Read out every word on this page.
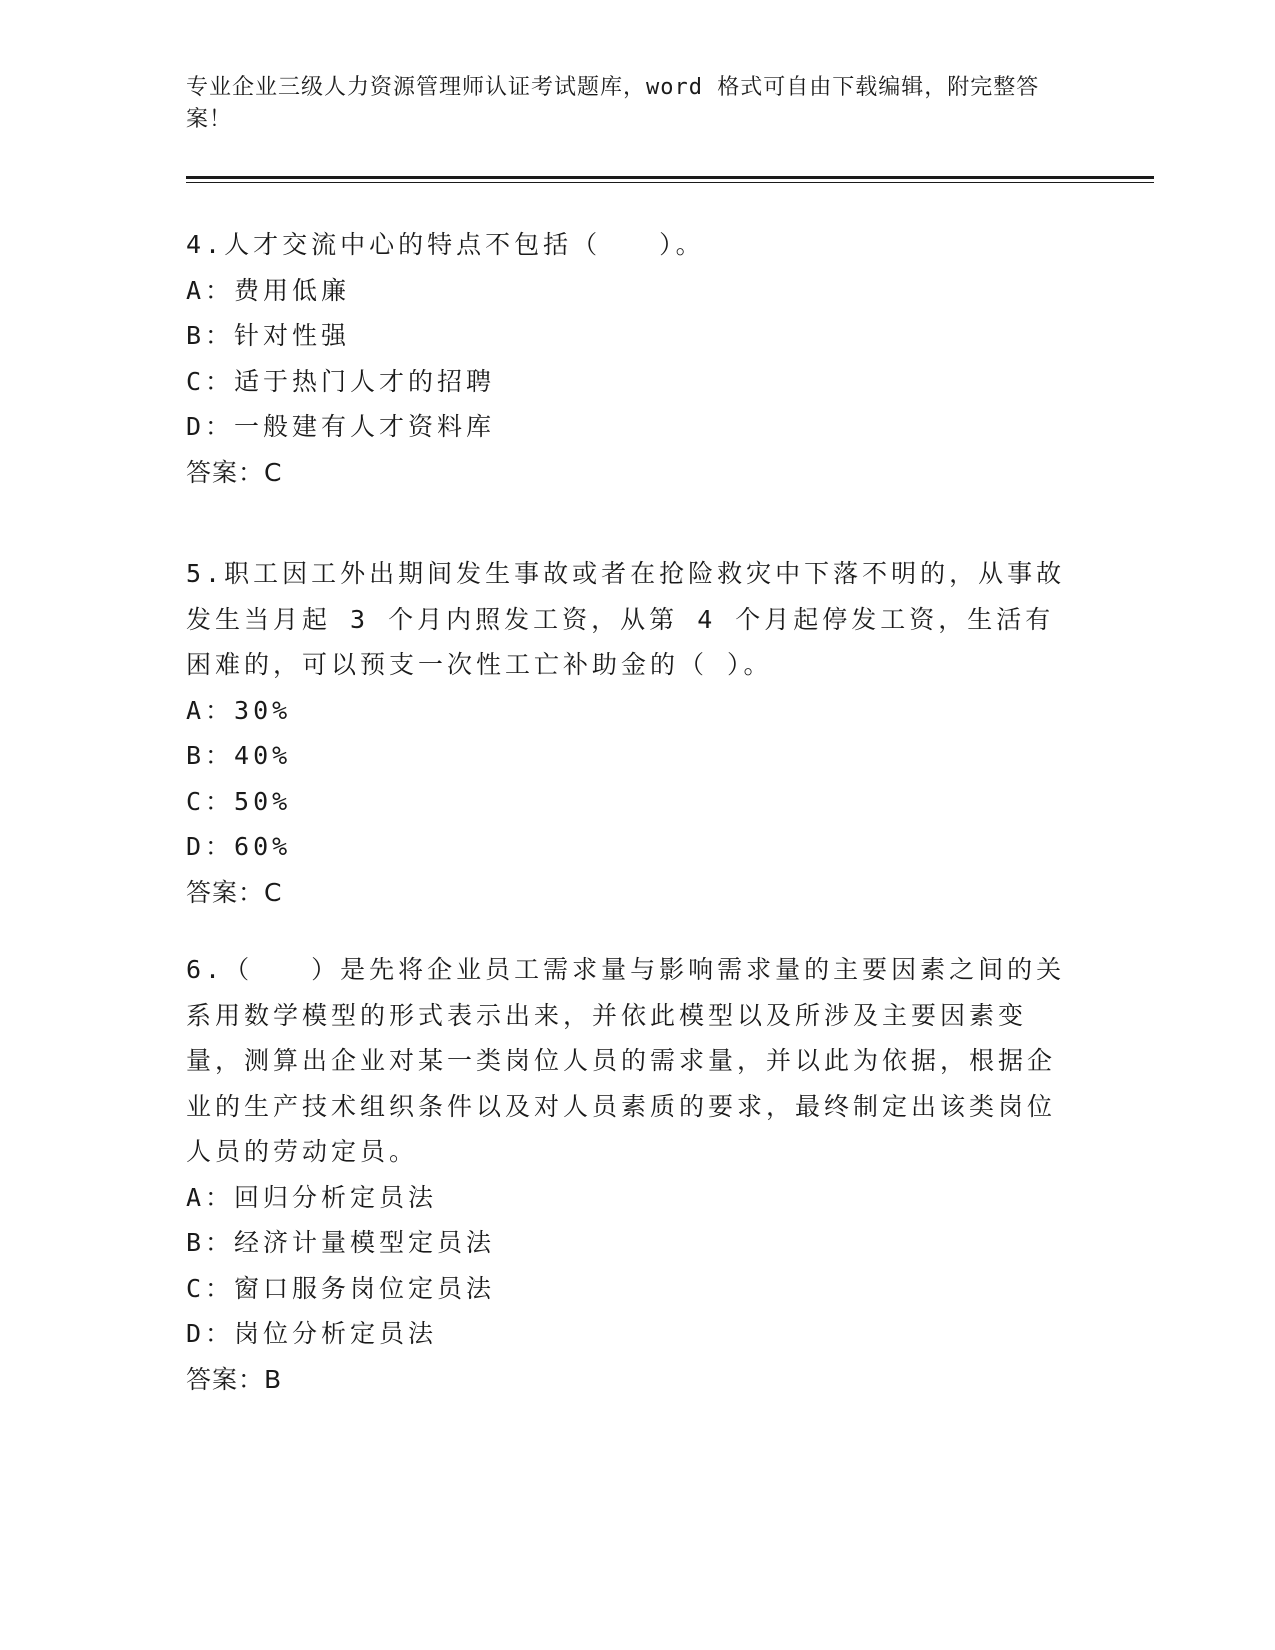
专业企业三级人力资源管理师认证考试题库，word 格式可自由下载编辑，附完整答案！
4.人才交流中心的特点不包括（　　）。
A：费用低廉
B：针对性强
C：适于热门人才的招聘
D：一般建有人才资料库
答案：C
5.职工因工外出期间发生事故或者在抢险救灾中下落不明的，从事故发生当月起 3 个月内照发工资，从第 4 个月起停发工资，生活有困难的，可以预支一次性工亡补助金的（ ）。
A：30%
B：40%
C：50%
D：60%
答案：C
6.（　　）是先将企业员工需求量与影响需求量的主要因素之间的关系用数学模型的形式表示出来，并依此模型以及所涉及主要因素变量，测算出企业对某一类岗位人员的需求量，并以此为依据，根据企业的生产技术组织条件以及对人员素质的要求，最终制定出该类岗位人员的劳动定员。
A：回归分析定员法
B：经济计量模型定员法
C：窗口服务岗位定员法
D：岗位分析定员法
答案：B
